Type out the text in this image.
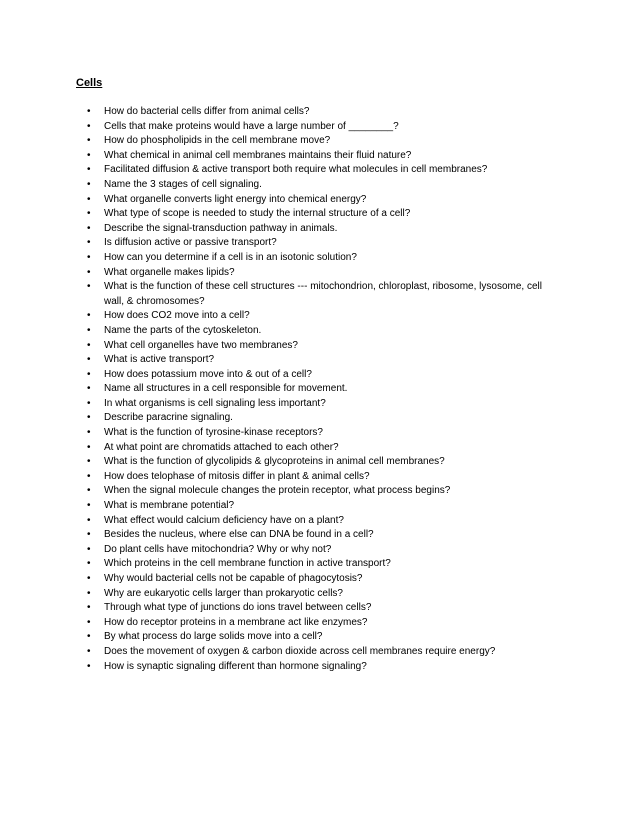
Cells
• How do bacterial cells differ from animal cells?
• Cells that make proteins would have a large number of ________?
• How do phospholipids in the cell membrane move?
• What chemical in animal cell membranes maintains their fluid nature?
• Facilitated diffusion & active transport both require what molecules in cell membranes?
• Name the 3 stages of cell signaling.
• What organelle converts light energy into chemical energy?
• What type of scope is needed to study the internal structure of a cell?
• Describe the signal-transduction pathway in animals.
• Is diffusion active or passive transport?
• How can you determine if a cell is in an isotonic solution?
• What organelle makes lipids?
• What is the function of these cell structures --- mitochondrion, chloroplast, ribosome, lysosome, cell wall, & chromosomes?
• How does CO2 move into a cell?
• Name the parts of the cytoskeleton.
• What cell organelles have two membranes?
• What is active transport?
• How does potassium move into & out of a cell?
• Name all structures in a cell responsible for movement.
• In what organisms is cell signaling less important?
• Describe paracrine signaling.
• What is the function of tyrosine-kinase receptors?
• At what point are chromatids attached to each other?
• What is the function of glycolipids & glycoproteins in animal cell membranes?
• How does telophase of mitosis differ in plant & animal cells?
• When the signal molecule changes the protein receptor, what process begins?
• What is membrane potential?
• What effect would calcium deficiency have on a plant?
• Besides the nucleus, where else can DNA be found in a cell?
• Do plant cells have mitochondria? Why or why not?
• Which proteins in the cell membrane function in active transport?
• Why would bacterial cells not be capable of phagocytosis?
• Why are eukaryotic cells larger than prokaryotic cells?
• Through what type of junctions do ions travel between cells?
• How do receptor proteins in a membrane act like enzymes?
• By what process do large solids move into a cell?
• Does the movement of oxygen & carbon dioxide across cell membranes require energy?
• How is synaptic signaling different than hormone signaling?
